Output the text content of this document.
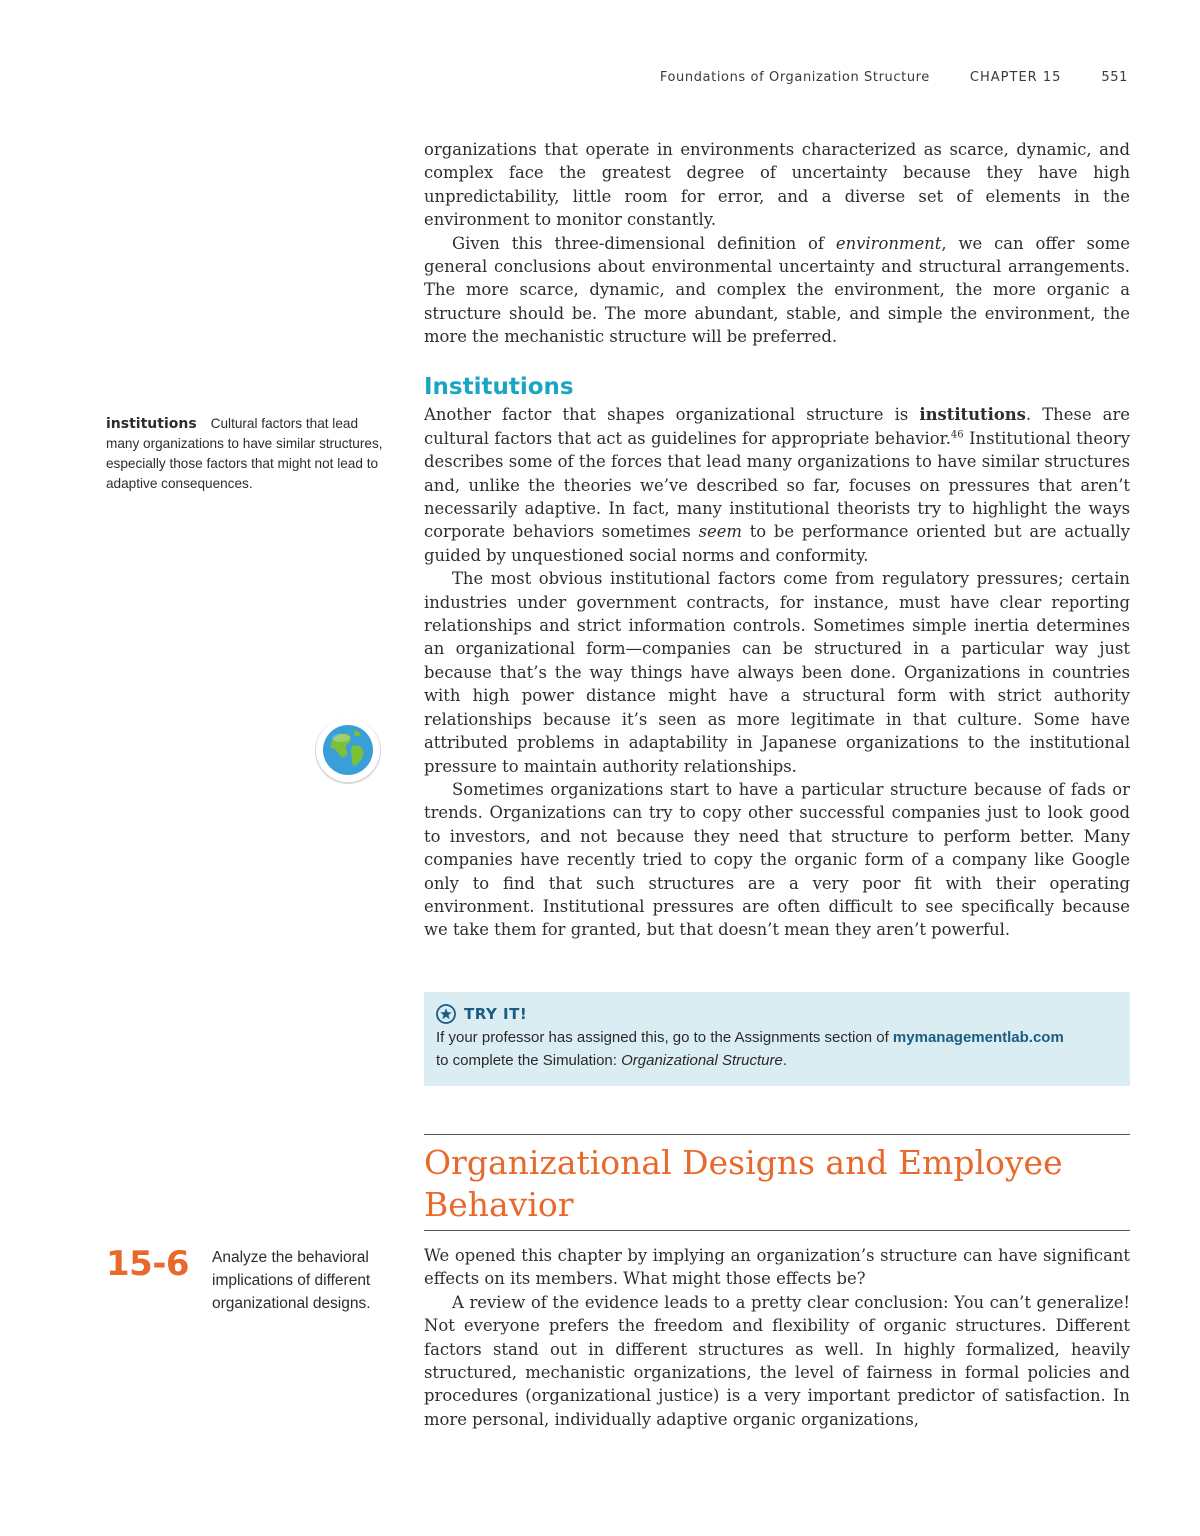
Foundations of Organization Structure	CHAPTER 15	551

organizations that operate in environments characterized as scarce, dynamic, and complex face the greatest degree of uncertainty because they have high unpredictability, little room for error, and a diverse set of elements in the environment to monitor constantly.

Given this three-dimensional definition of environment, we can offer some general conclusions about environmental uncertainty and structural arrangements. The more scarce, dynamic, and complex the environment, the more organic a structure should be. The more abundant, stable, and simple the environment, the more the mechanistic structure will be preferred.

Institutions

Another factor that shapes organizational structure is institutions. These are cultural factors that act as guidelines for appropriate behavior.$^{46}$ Institutional theory describes some of the forces that lead many organizations to have similar structures and, unlike the theories we’ve described so far, focuses on pressures that aren’t necessarily adaptive. In fact, many institutional theorists try to highlight the ways corporate behaviors sometimes seem to be performance oriented but are actually guided by unquestioned social norms and conformity.

The most obvious institutional factors come from regulatory pressures; certain industries under government contracts, for instance, must have clear reporting relationships and strict information controls. Sometimes simple inertia determines an organizational form—companies can be structured in a particular way just because that’s the way things have always been done. Organizations in countries with high power distance might have a structural form with strict authority relationships because it’s seen as more legitimate in that culture. Some have attributed problems in adaptability in Japanese organizations to the institutional pressure to maintain authority relationships.

Sometimes organizations start to have a particular structure because of fads or trends. Organizations can try to copy other successful companies just to look good to investors, and not because they need that structure to perform better. Many companies have recently tried to copy the organic form of a company like Google only to find that such structures are a very poor fit with their operating environment. Institutional pressures are often difficult to see specifically because we take them for granted, but that doesn’t mean they aren’t powerful.

institutions Cultural factors that lead many organizations to have similar structures, especially those factors that might not lead to adaptive consequences.
TRY IT!
If your professor has assigned this, go to the Assignments section of mymanagementlab.com
to complete the Simulation: Organizational Structure.
Organizational Designs and Employee Behavior
15-6 Analyze the behavioral implications of different organizational designs.

We opened this chapter by implying an organization’s structure can have significant effects on its members. What might those effects be?

A review of the evidence leads to a pretty clear conclusion: You can’t generalize! Not everyone prefers the freedom and flexibility of organic structures. Different factors stand out in different structures as well. In highly formalized, heavily structured, mechanistic organizations, the level of fairness in formal policies and procedures (organizational justice) is a very important predictor of satisfaction. In more personal, individually adaptive organic organizations,
